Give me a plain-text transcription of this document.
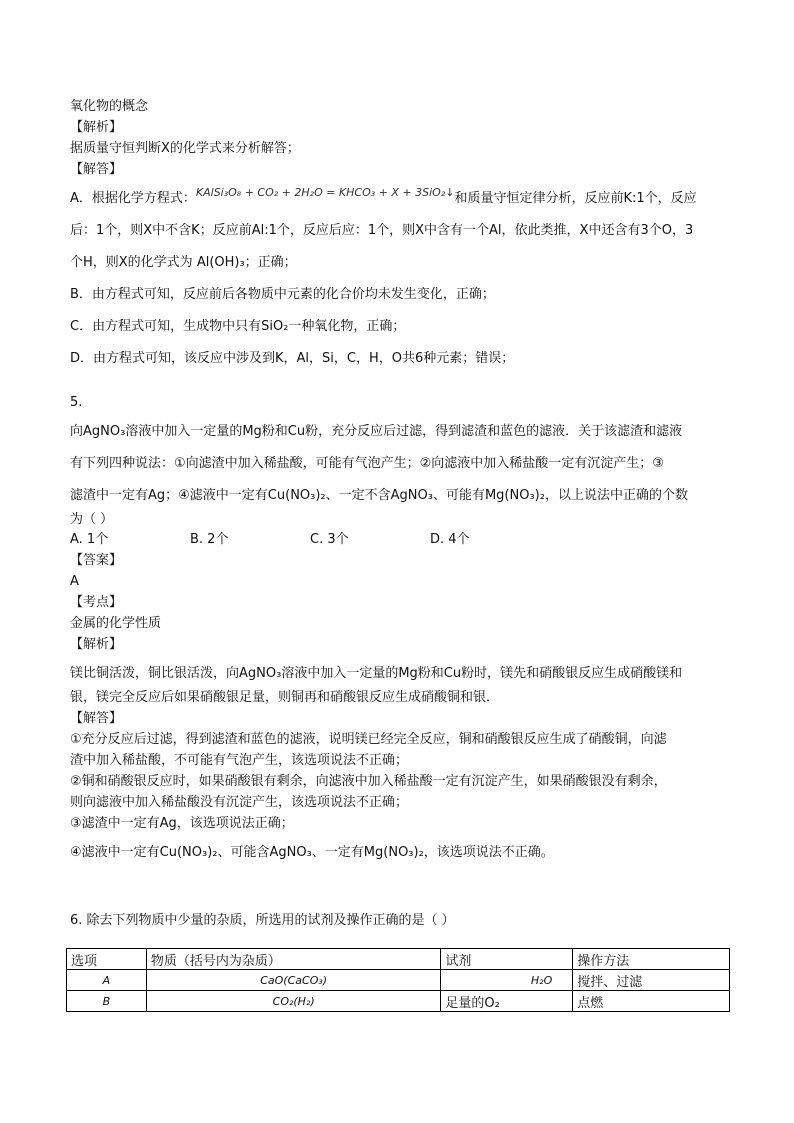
氧化物的概念
【解析】
据质量守恒判断X的化学式来分析解答；
【解答】
A．根据化学方程式：$^{KAlSi_3O_8 + CO_2 + 2H_2O = KHCO_3 + X + 3SiO_2↓}$和质量守恒定律分析，反应前K:1个，反应
后：1个，则X中不含K；反应前Al:1个，反应后应：1个，则X中含有一个Al，依此类推，X中还含有3个O，3
个H，则X的化学式为 Al(OH)₃；正确；
B．由方程式可知，反应前后各物质中元素的化合价均未发生变化，正确；
C．由方程式可知，生成物中只有SiO₂一种氧化物，正确；
D．由方程式可知，该反应中涉及到K，Al，Si，C，H，O共6种元素；错误；
5.
向AgNO₃溶液中加入一定量的Mg粉和Cu粉，充分反应后过滤，得到滤渣和蓝色的滤液．关于该滤渣和滤液
有下列四种说法：①向滤渣中加入稀盐酸，可能有气泡产生；②向滤液中加入稀盐酸一定有沉淀产生；③
滤渣中一定有Ag；④滤液中一定有Cu(NO₃)₂、一定不含AgNO₃、可能有Mg(NO₃)₂，以上说法中正确的个数
为（ ）
A. 1个	B. 2个	C. 3个	D. 4个
【答案】
A
【考点】
金属的化学性质
【解析】
镁比铜活泼，铜比银活泼，向AgNO₃溶液中加入一定量的Mg粉和Cu粉时，镁先和硝酸银反应生成硝酸镁和
银，镁完全反应后如果硝酸银足量，则铜再和硝酸银反应生成硝酸铜和银．
【解答】
①充分反应后过滤，得到滤渣和蓝色的滤液，说明镁已经完全反应，铜和硝酸银反应生成了硝酸铜，向滤
渣中加入稀盐酸，不可能有气泡产生，该选项说法不正确；
②铜和硝酸银反应时，如果硝酸银有剩余，向滤液中加入稀盐酸一定有沉淀产生，如果硝酸银没有剩余，
则向滤液中加入稀盐酸没有沉淀产生，该选项说法不正确；
③滤渣中一定有Ag，该选项说法正确；
④滤液中一定有Cu(NO₃)₂、可能含AgNO₃、一定有Mg(NO₃)₂，该选项说法不正确。
6. 除去下列物质中少量的杂质，所选用的试剂及操作正确的是（ ）
选项	物质（括号内为杂质）	试剂	操作方法
A	CaO(CaCO₃)	H₂O	搅拌、过滤
B	CO₂(H₂)	足量的O₂	点燃
